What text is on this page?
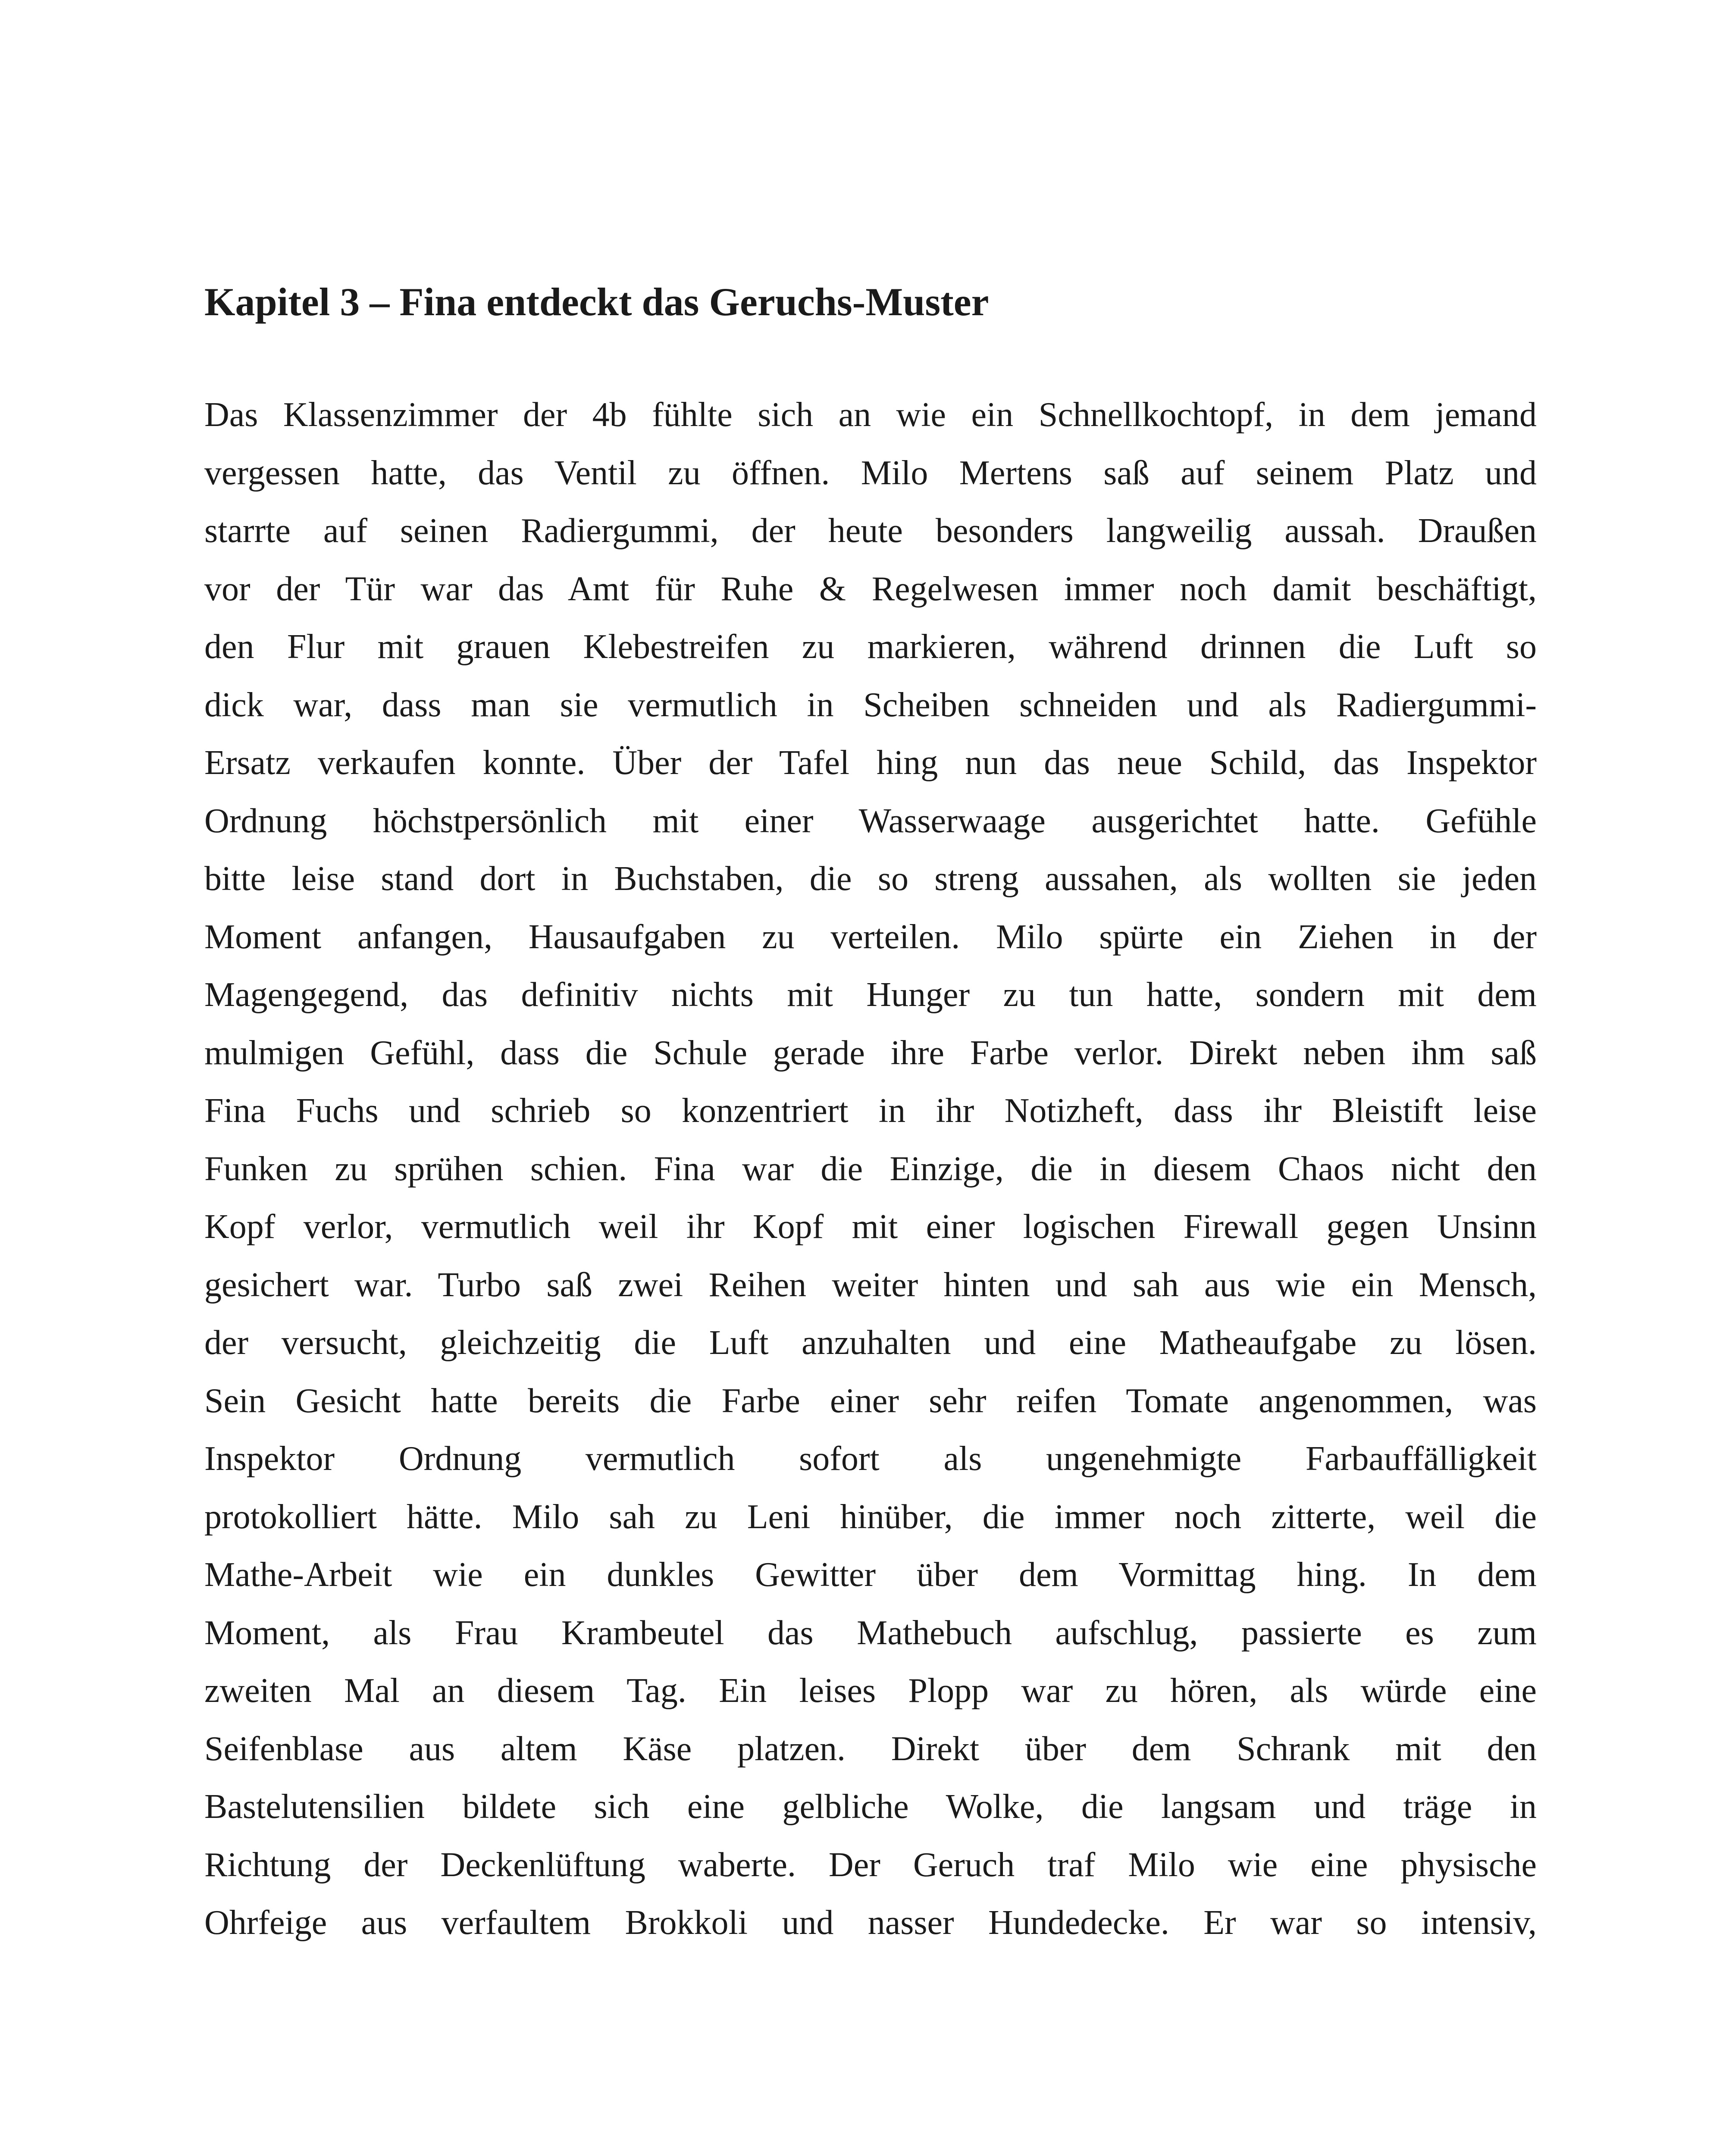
Kapitel 3 – Fina entdeckt das Geruchs-Muster
Das Klassenzimmer der 4b fühlte sich an wie ein Schnellkochtopf, in dem jemand
vergessen hatte, das Ventil zu öffnen. Milo Mertens saß auf seinem Platz und
starrte auf seinen Radiergummi, der heute besonders langweilig aussah. Draußen
vor der Tür war das Amt für Ruhe & Regelwesen immer noch damit beschäftigt,
den Flur mit grauen Klebestreifen zu markieren, während drinnen die Luft so
dick war, dass man sie vermutlich in Scheiben schneiden und als Radiergummi-
Ersatz verkaufen konnte. Über der Tafel hing nun das neue Schild, das Inspektor
Ordnung höchstpersönlich mit einer Wasserwaage ausgerichtet hatte. Gefühle
bitte leise stand dort in Buchstaben, die so streng aussahen, als wollten sie jeden
Moment anfangen, Hausaufgaben zu verteilen. Milo spürte ein Ziehen in der
Magengegend, das definitiv nichts mit Hunger zu tun hatte, sondern mit dem
mulmigen Gefühl, dass die Schule gerade ihre Farbe verlor. Direkt neben ihm saß
Fina Fuchs und schrieb so konzentriert in ihr Notizheft, dass ihr Bleistift leise
Funken zu sprühen schien. Fina war die Einzige, die in diesem Chaos nicht den
Kopf verlor, vermutlich weil ihr Kopf mit einer logischen Firewall gegen Unsinn
gesichert war. Turbo saß zwei Reihen weiter hinten und sah aus wie ein Mensch,
der versucht, gleichzeitig die Luft anzuhalten und eine Matheaufgabe zu lösen.
Sein Gesicht hatte bereits die Farbe einer sehr reifen Tomate angenommen, was
Inspektor Ordnung vermutlich sofort als ungenehmigte Farbauffälligkeit
protokolliert hätte. Milo sah zu Leni hinüber, die immer noch zitterte, weil die
Mathe-Arbeit wie ein dunkles Gewitter über dem Vormittag hing. In dem
Moment, als Frau Krambeutel das Mathebuch aufschlug, passierte es zum
zweiten Mal an diesem Tag. Ein leises Plopp war zu hören, als würde eine
Seifenblase aus altem Käse platzen. Direkt über dem Schrank mit den
Bastelutensilien bildete sich eine gelbliche Wolke, die langsam und träge in
Richtung der Deckenlüftung waberte. Der Geruch traf Milo wie eine physische
Ohrfeige aus verfaultem Brokkoli und nasser Hundedecke. Er war so intensiv,
